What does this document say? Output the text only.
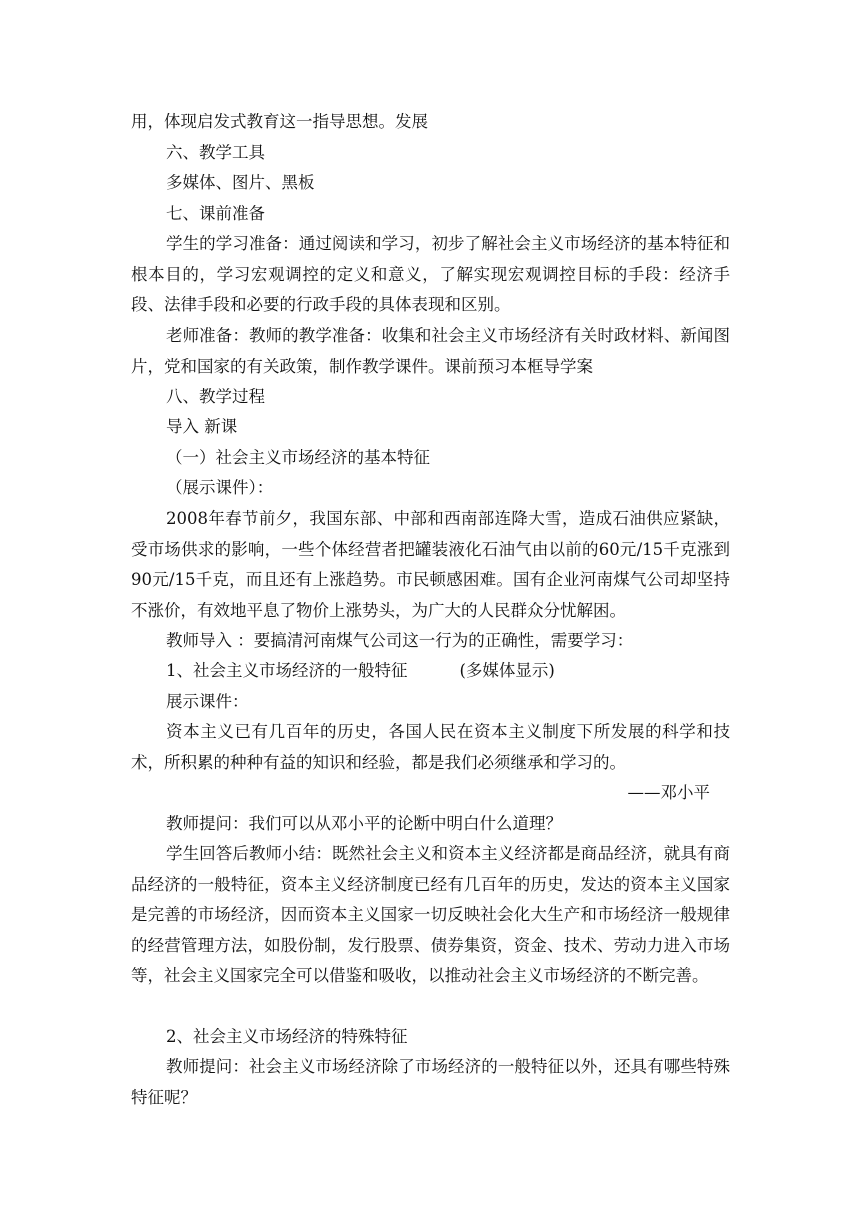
用，体现启发式教育这一指导思想。发展

六、教学工具

多媒体、图片、黑板

七、课前准备

学生的学习准备：通过阅读和学习，初步了解社会主义市场经济的基本特征和根本目的，学习宏观调控的定义和意义，了解实现宏观调控目标的手段：经济手段、法律手段和必要的行政手段的具体表现和区别。

老师准备：教师的教学准备：收集和社会主义市场经济有关时政材料、新闻图片，党和国家的有关政策，制作教学课件。课前预习本框导学案

八、教学过程

导入 新课

（一）社会主义市场经济的基本特征

（展示课件）：

2008年春节前夕，我国东部、中部和西南部连降大雪，造成石油供应紧缺，受市场供求的影响，一些个体经营者把罐装液化石油气由以前的60元/15千克涨到90元/15千克，而且还有上涨趋势。市民顿感困难。国有企业河南煤气公司却坚持不涨价，有效地平息了物价上涨势头，为广大的人民群众分忧解困。

教师导入 ：要搞清河南煤气公司这一行为的正确性，需要学习：

1、社会主义市场经济的一般特征	(多媒体显示)

展示课件：

资本主义已有几百年的历史，各国人民在资本主义制度下所发展的科学和技术，所积累的种种有益的知识和经验，都是我们必须继承和学习的。

——邓小平

教师提问：我们可以从邓小平的论断中明白什么道理？

学生回答后教师小结：既然社会主义和资本主义经济都是商品经济，就具有商品经济的一般特征，资本主义经济制度已经有几百年的历史，发达的资本主义国家是完善的市场经济，因而资本主义国家一切反映社会化大生产和市场经济一般规律的经营管理方法，如股份制，发行股票、债券集资，资金、技术、劳动力进入市场等，社会主义国家完全可以借鉴和吸收，以推动社会主义市场经济的不断完善。

2、社会主义市场经济的特殊特征

教师提问：社会主义市场经济除了市场经济的一般特征以外，还具有哪些特殊特征呢？
